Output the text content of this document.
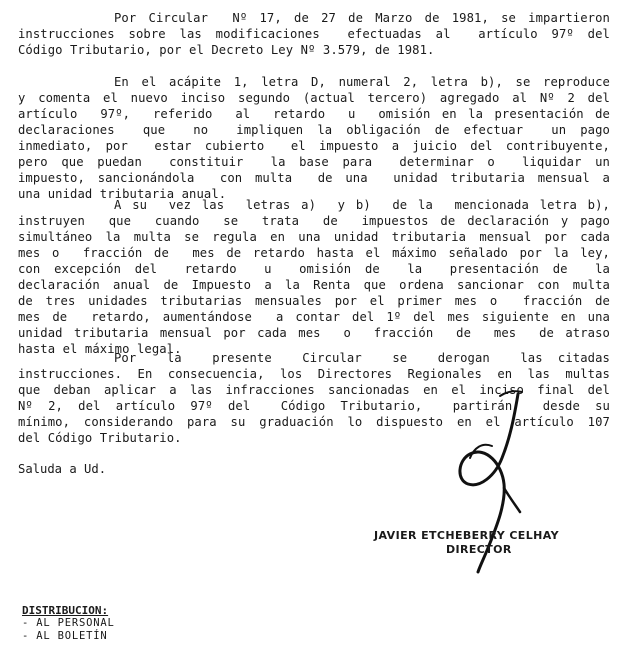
Por Circular  Nº 17, de 27 de Marzo de 1981, se impartieron
instrucciones sobre las modificaciones  efectuadas al  artículo 97º del
Código Tributario, por el Decreto Ley Nº 3.579, de 1981.
En el acápite 1, letra D, numeral 2, letra b), se reproduce
y comenta el nuevo inciso segundo (actual tercero) agregado al Nº 2 del
artículo  97º,  referido  al  retardo  u  omisión en la presentación de
declaraciones  que  no  impliquen la obligación de efectuar  un pago
inmediato, por  estar cubierto  el impuesto a juicio del contribuyente,
pero que puedan  constituir  la base para  determinar o  liquidar un
impuesto, sancionándola  con multa  de una  unidad tributaria mensual a
una unidad tributaria anual.
A su  vez las  letras a)  y b)  de la  mencionada letra b),
instruyen  que  cuando  se  trata  de  impuestos de declaración y pago
simultáneo la multa se regula en una unidad tributaria mensual por cada
mes o  fracción de  mes de retardo hasta el máximo señalado por la ley,
con excepción del  retardo  u  omisión de  la  presentación de  la
declaración anual de Impuesto a la Renta que ordena sancionar con multa
de tres unidades tributarias mensuales por el primer mes o  fracción de
mes de  retardo, aumentándose  a contar del 1º del mes siguiente en una
unidad tributaria mensual por cada mes  o  fracción  de  mes  de atraso
hasta el máximo legal.
Por  la  presente  Circular  se  derogan  las citadas
instrucciones. En consecuencia, los Directores Regionales en las multas
que deban aplicar a las infracciones sancionadas en el inciso final del
Nº 2, del artículo 97º del  Código Tributario,  partirán  desde su
mínimo, considerando para su graduación lo dispuesto en el artículo 107
del Código Tributario.
Saluda a Ud.
JAVIER ETCHEBERRY CELHAY
DIRECTOR
DISTRIBUCION:
- AL PERSONAL
- AL BOLETÍN
